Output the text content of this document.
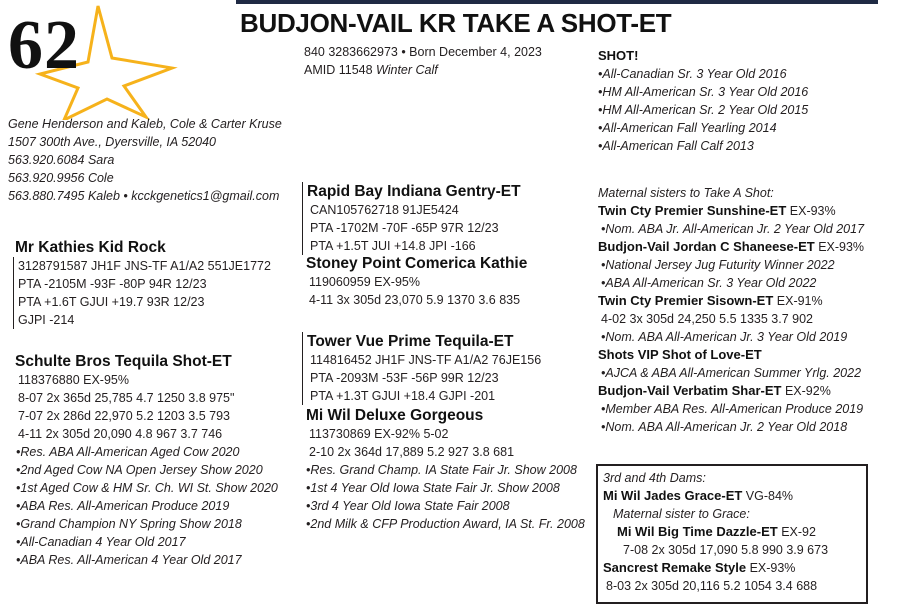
62	BUDJON-VAIL KR TAKE A SHOT-ET
840 3283662973 • Born December 4, 2023
AMID 11548 Winter Calf
Gene Henderson and Kaleb, Cole & Carter Kruse
1507 300th Ave., Dyersville, IA 52040
563.920.6084 Sara
563.920.9956 Cole
563.880.7495 Kaleb • kcckgenetics1@gmail.com
Mr Kathies Kid Rock
3128791587 JH1F JNS-TF A1/A2 551JE1772
PTA -2105M -93F -80P 94R 12/23
PTA +1.6T GJUI +19.7 93R 12/23
GJPI -214
Schulte Bros Tequila Shot-ET
118376880 EX-95%
8-07 2x 365d 25,785 4.7 1250 3.8 975"
7-07 2x 286d 22,970 5.2 1203 3.5 793
4-11 2x 305d 20,090 4.8 967 3.7 746
•Res. ABA All-American Aged Cow 2020
•2nd Aged Cow NA Open Jersey Show 2020
•1st Aged Cow & HM Sr. Ch. WI St. Show 2020
•ABA Res. All-American Produce 2019
•Grand Champion NY Spring Show 2018
•All-Canadian 4 Year Old 2017
•ABA Res. All-American 4 Year Old 2017
Rapid Bay Indiana Gentry-ET
CAN105762718 91JE5424
PTA -1702M -70F -65P 97R 12/23
PTA +1.5T JUI +14.8 JPI -166
Stoney Point Comerica Kathie
119060959 EX-95%
4-11 3x 305d 23,070 5.9 1370 3.6 835
Tower Vue Prime Tequila-ET
114816452 JH1F JNS-TF A1/A2 76JE156
PTA -2093M -53F -56P 99R 12/23
PTA +1.3T GJUI +18.4 GJPI -201
Mi Wil Deluxe Gorgeous
113730869 EX-92% 5-02
2-10 2x 364d 17,889 5.2 927 3.8 681
•Res. Grand Champ. IA State Fair Jr. Show 2008
•1st 4 Year Old Iowa State Fair Jr. Show 2008
•3rd 4 Year Old Iowa State Fair 2008
•2nd Milk & CFP Production Award, IA St. Fr. 2008
SHOT!
•All-Canadian Sr. 3 Year Old 2016
•HM All-American Sr. 3 Year Old 2016
•HM All-American Sr. 2 Year Old 2015
•All-American Fall Yearling 2014
•All-American Fall Calf 2013
Maternal sisters to Take A Shot:
Twin Cty Premier Sunshine-ET EX-93%
•Nom. ABA Jr. All-American Jr. 2 Year Old 2017
Budjon-Vail Jordan C Shaneese-ET EX-93%
•National Jersey Jug Futurity Winner 2022
•ABA All-American Sr. 3 Year Old 2022
Twin Cty Premier Sisown-ET EX-91%
4-02 3x 305d 24,250 5.5 1335 3.7 902
•Nom. ABA All-American Jr. 3 Year Old 2019
Shots VIP Shot of Love-ET
•AJCA & ABA All-American Summer Yrlg. 2022
Budjon-Vail Verbatim Shar-ET EX-92%
•Member ABA Res. All-American Produce 2019
•Nom. ABA All-American Jr. 2 Year Old 2018
3rd and 4th Dams:
Mi Wil Jades Grace-ET VG-84%
Maternal sister to Grace:
Mi Wil Big Time Dazzle-ET EX-92
7-08 2x 305d 17,090 5.8 990 3.9 673
Sancrest Remake Style EX-93%
8-03 2x 305d 20,116 5.2 1054 3.4 688
